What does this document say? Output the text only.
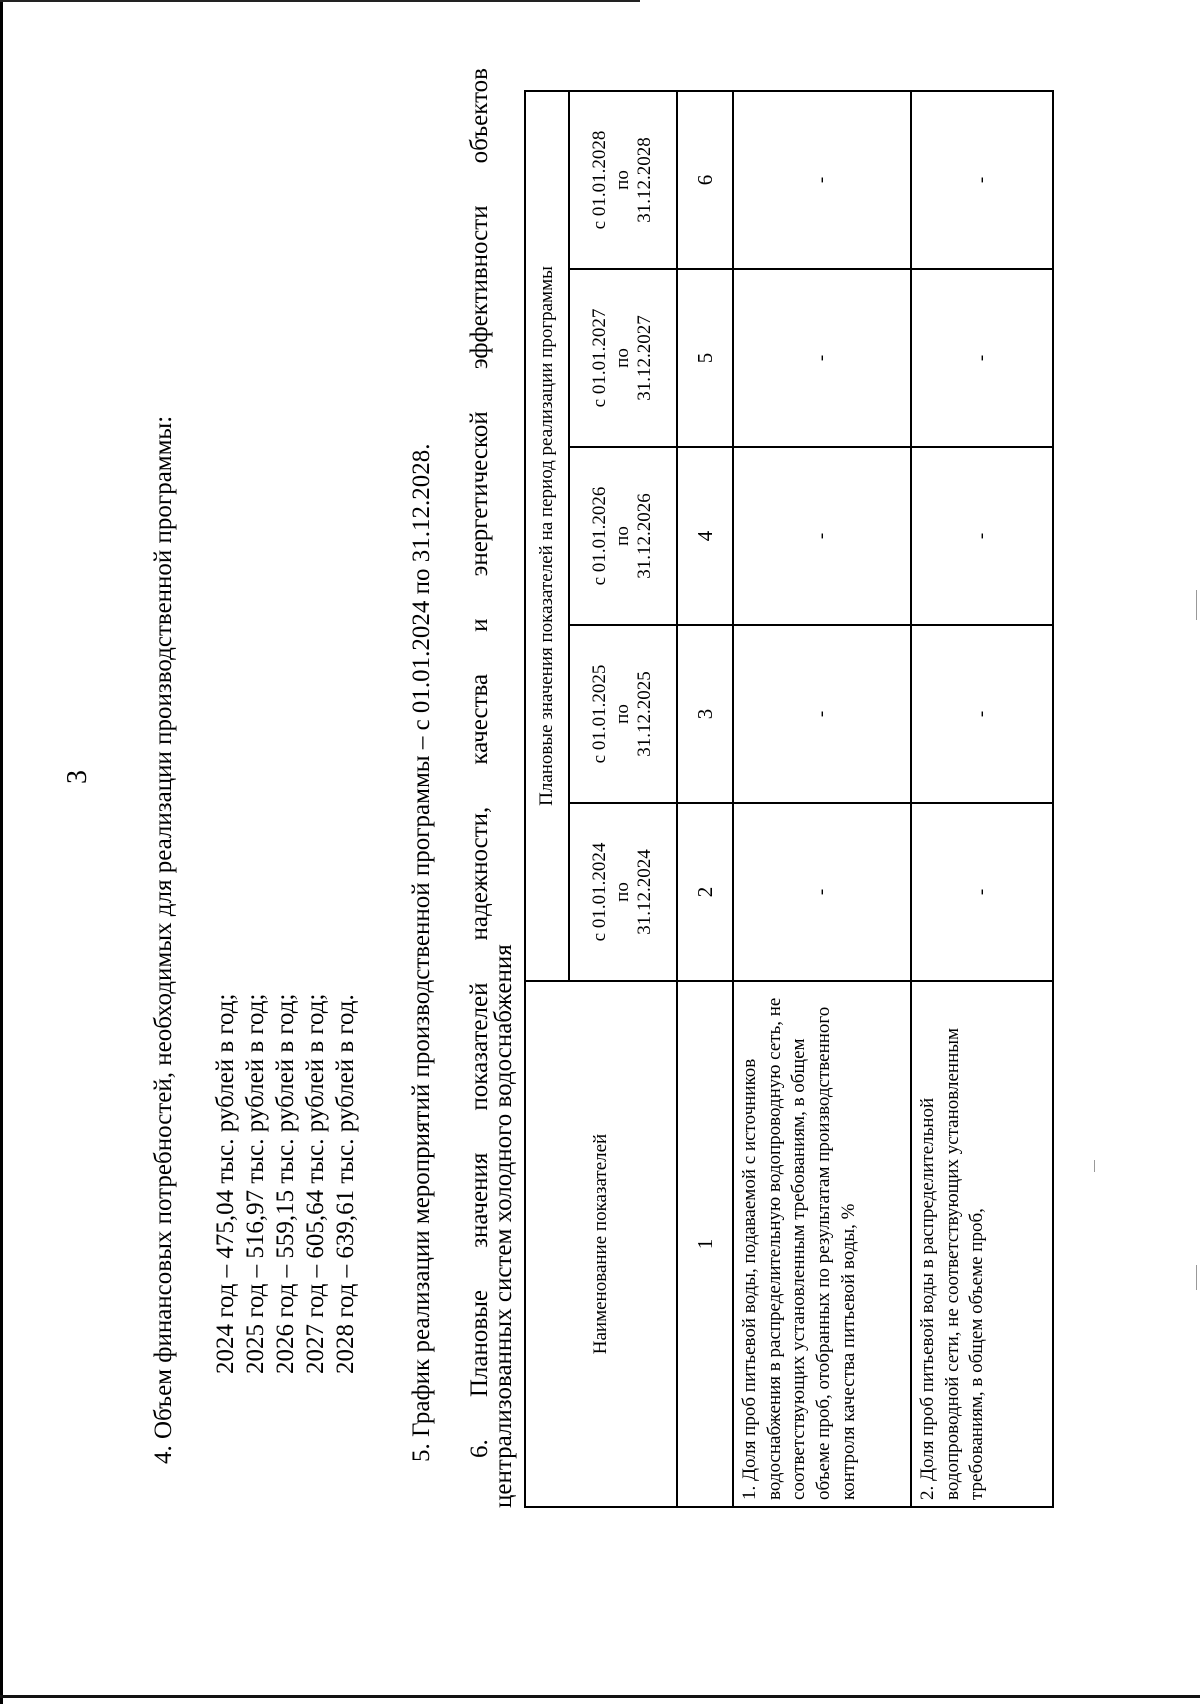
3 4. Объем финансовых потребностей, необходимых для реализации производственной программы: 2024 год – 475,04 тыс. рублей в год; 2025 год – 516,97 тыс. рублей в год; 2026 год – 559,15 тыс. рублей в год; 2027 год – 605,64 тыс. рублей в год; 2028 год – 639,61 тыс. рублей в год. 5. График реализации мероприятий производственной программы – с 01.01.2024 по 31.12.2028. 6. Плановые значения показателей надежности, качества и энергетической эффективности объектов
централизованных систем холодного водоснабжения	Наименование показателей	Плановые значения показателей на период реализации программы				
	с 01.01.2024
по
31.12.2024	с 01.01.2025
по
31.12.2025	с 01.01.2026
по
31.12.2026	с 01.01.2027
по
31.12.2027	с 01.01.2028
по
31.12.2028
1	2	3	4	5	6
1. Доля проб питьевой воды, подаваемой с источников водоснабжения в распределительную водопроводную сеть, не соответствующих установленным требованиям, в общем объеме проб, отобранных по результатам производственного контроля качества питьевой воды, %	-	-	-	-	-
2. Доля проб питьевой воды в распределительной водопроводной сети, не соответствующих установленным требованиям, в общем объеме проб,	-	-	-	-	-
